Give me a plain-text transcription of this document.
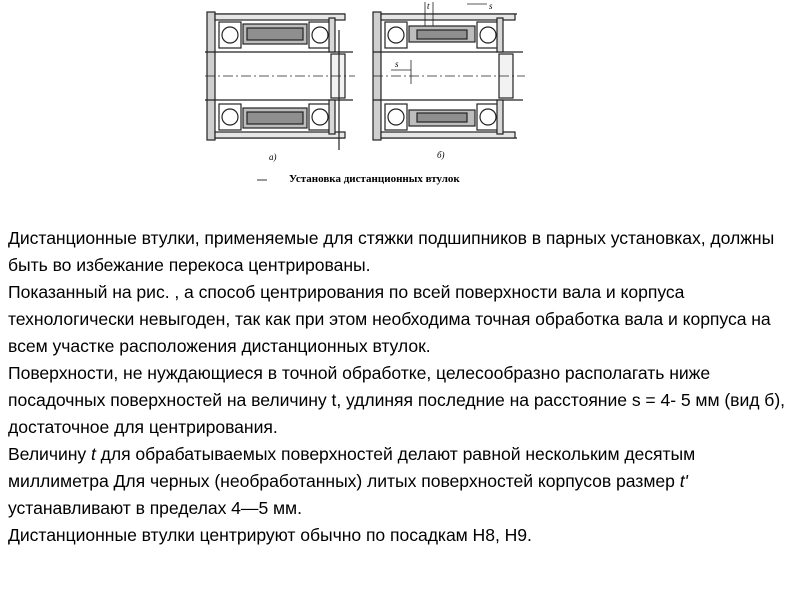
t	s
s
а)	б)
Установка дистанционных втулок

Дистанционные втулки, применяемые для стяжки подшипников в парных установках, должны быть во избежание перекоса центрированы.

Показанный на рис. , а способ центрирования по всей поверхности вала и корпуса технологически невыгоден, так как при этом необходима точная обработка вала и корпуса на всем участке расположения дистанционных втулок.

Поверхности, не нуждающиеся в точной обработке, целесообразно располагать ниже посадочных поверхностей на величину t, удлиняя последние на расстояние s = 4- 5 мм (вид б), достаточное для центрирования.

Величину t для обрабатываемых поверхностей делают равной нескольким десятым миллиметра Для черных (необработанных) литых поверхностей корпусов размер t' устанавливают в пределах 4—5 мм.

Дистанционные втулки центрируют обычно по посадкам Н8, Н9.
